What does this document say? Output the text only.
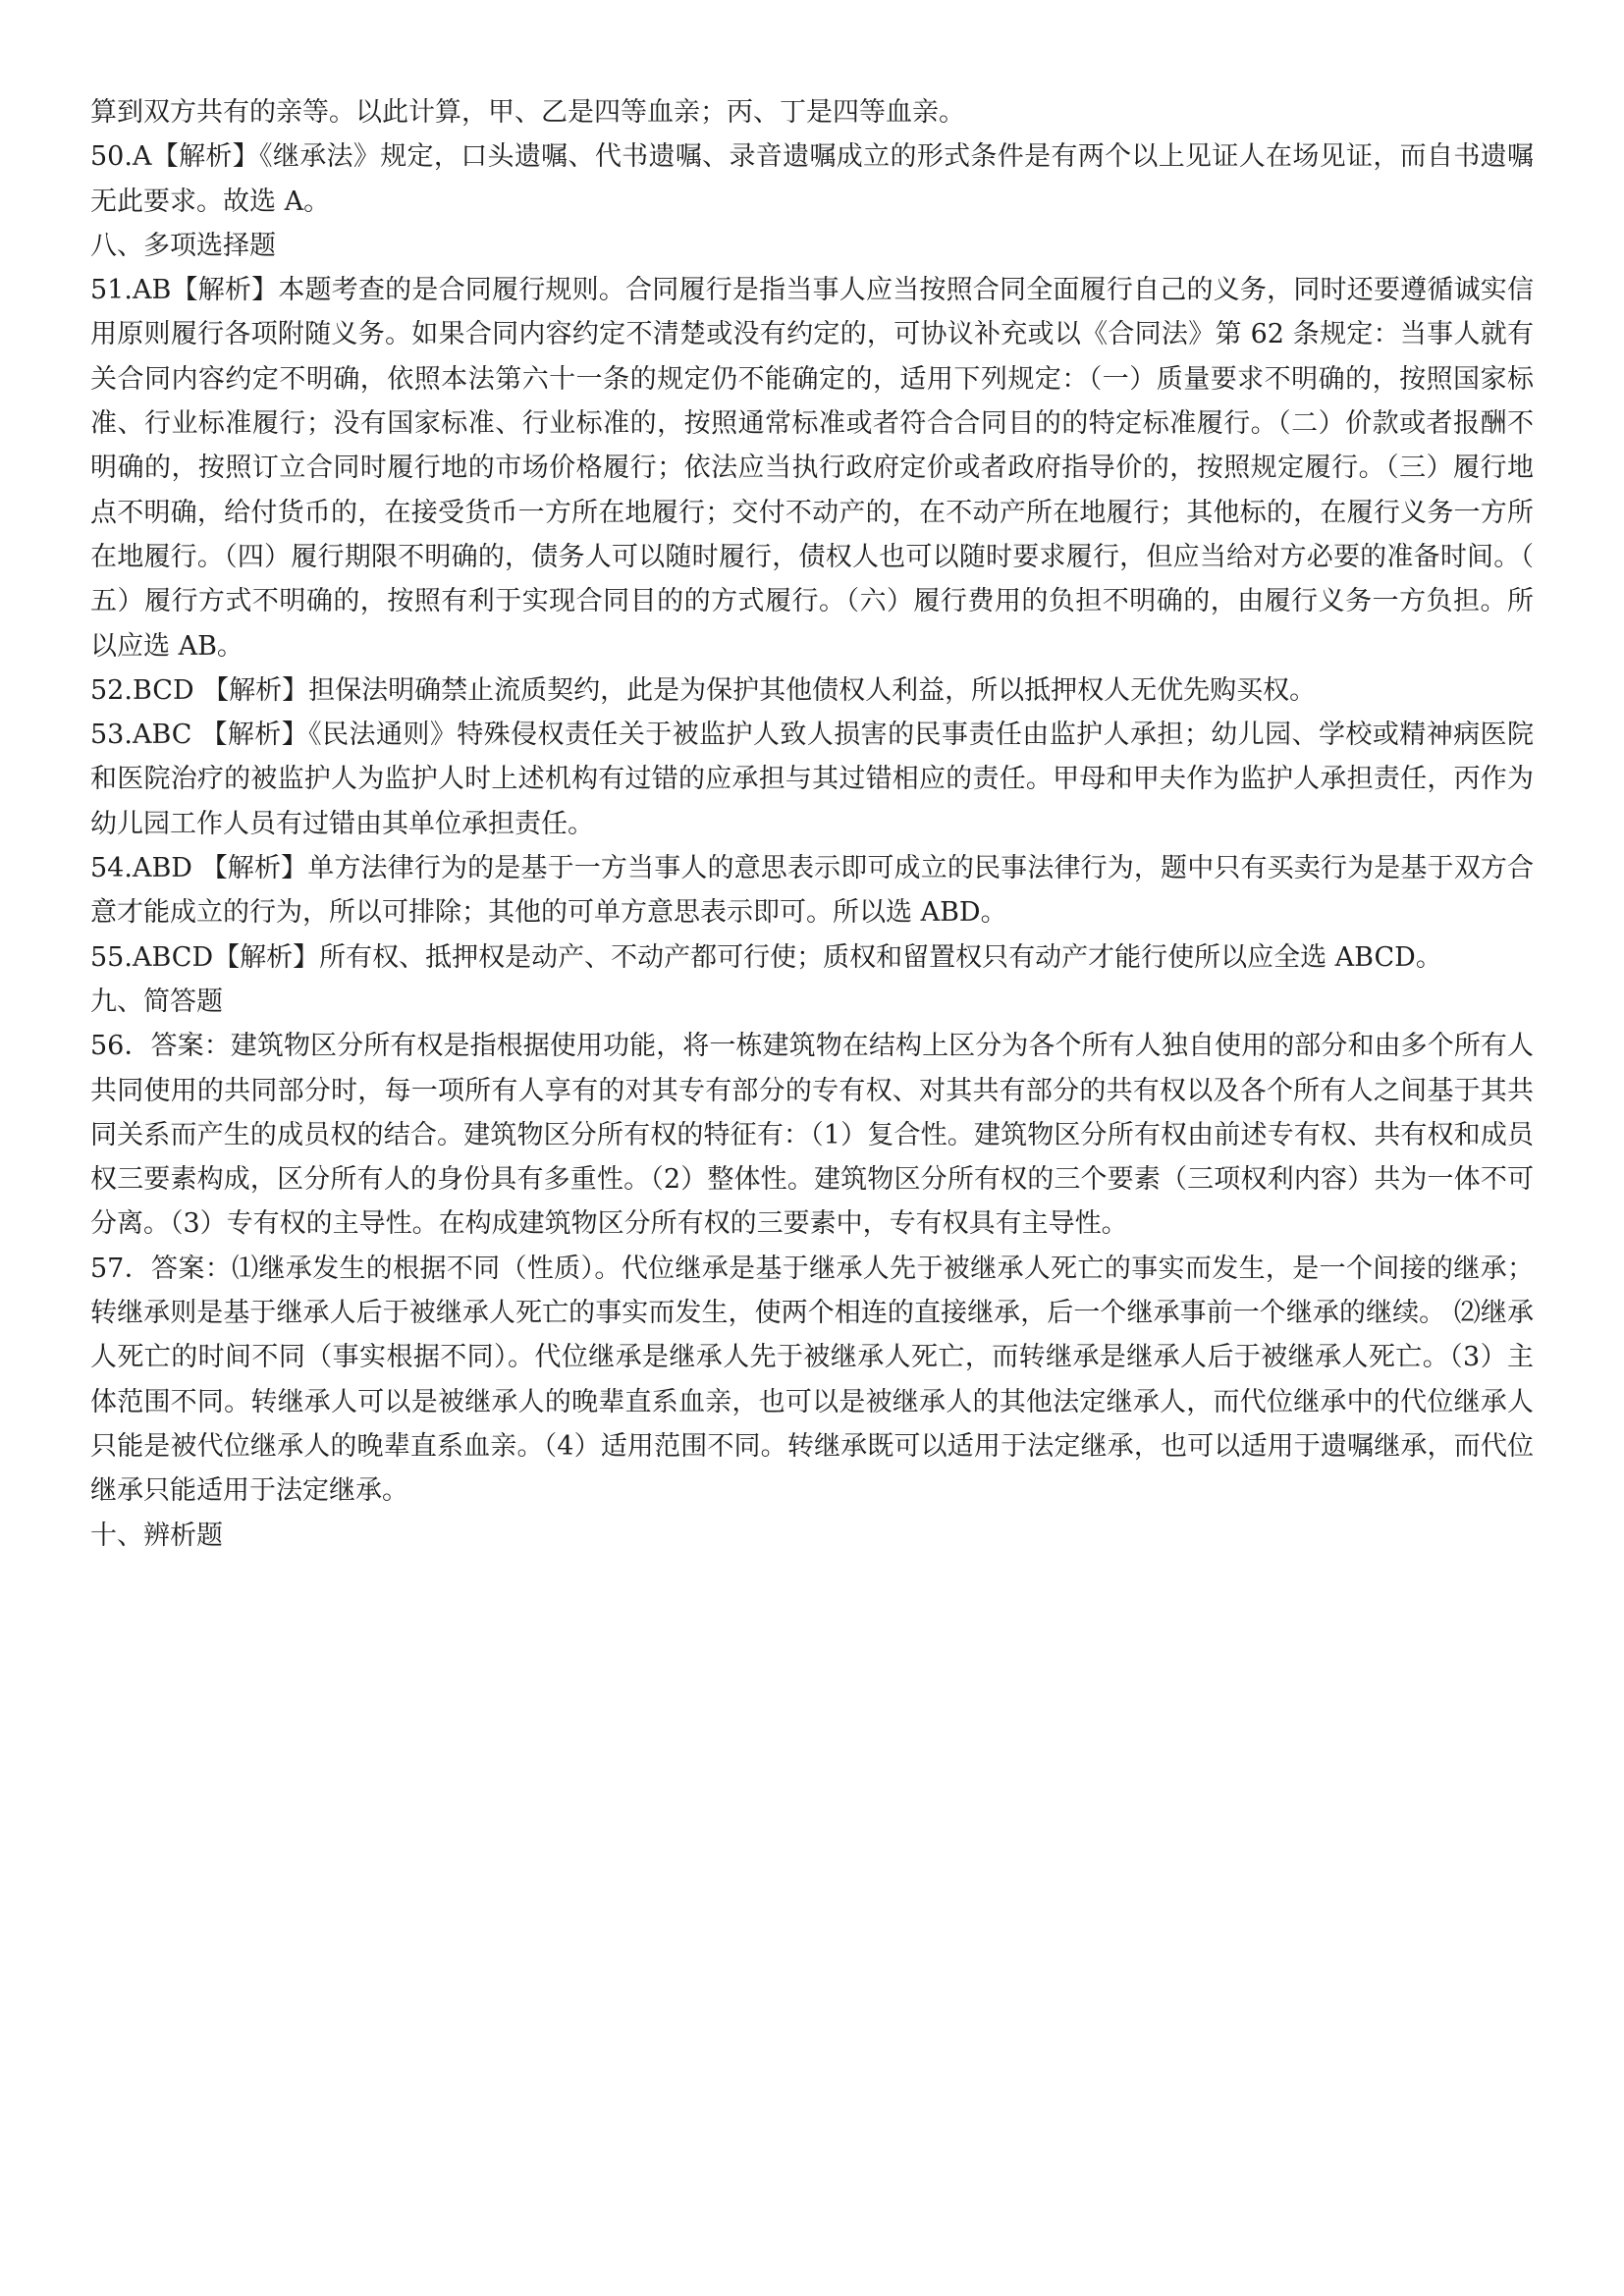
算到双方共有的亲等。以此计算，甲、乙是四等血亲；丙、丁是四等血亲。

50.A【解析】《继承法》规定，口头遗嘱、代书遗嘱、录音遗嘱成立的形式条件是有两个以上见证人在场见证，而自书遗嘱无此要求。故选 A。

八、多项选择题

51.AB【解析】本题考查的是合同履行规则。合同履行是指当事人应当按照合同全面履行自己的义务，同时还要遵循诚实信用原则履行各项附随义务。如果合同内容约定不清楚或没有约定的，可协议补充或以《合同法》第 62 条规定：当事人就有关合同内容约定不明确，依照本法第六十一条的规定仍不能确定的，适用下列规定：（一）质量要求不明确的，按照国家标准、行业标准履行；没有国家标准、行业标准的，按照通常标准或者符合合同目的的特定标准履行。（二）价款或者报酬不明确的，按照订立合同时履行地的市场价格履行；依法应当执行政府定价或者政府指导价的，按照规定履行。（三）履行地点不明确，给付货币的，在接受货币一方所在地履行；交付不动产的，在不动产所在地履行；其他标的，在履行义务一方所在地履行。（四）履行期限不明确的，债务人可以随时履行，债权人也可以随时要求履行，但应当给对方必要的准备时间。（五）履行方式不明确的，按照有利于实现合同目的的方式履行。（六）履行费用的负担不明确的，由履行义务一方负担。所以应选 AB。

52.BCD 【解析】担保法明确禁止流质契约，此是为保护其他债权人利益，所以抵押权人无优先购买权。

53.ABC 【解析】《民法通则》特殊侵权责任关于被监护人致人损害的民事责任由监护人承担；幼儿园、学校或精神病医院和医院治疗的被监护人为监护人时上述机构有过错的应承担与其过错相应的责任。甲母和甲夫作为监护人承担责任，丙作为幼儿园工作人员有过错由其单位承担责任。

54.ABD 【解析】单方法律行为的是基于一方当事人的意思表示即可成立的民事法律行为，题中只有买卖行为是基于双方合意才能成立的行为，所以可排除；其他的可单方意思表示即可。所以选 ABD。

55.ABCD【解析】所有权、抵押权是动产、不动产都可行使；质权和留置权只有动产才能行使所以应全选 ABCD。

九、简答题

56．答案：建筑物区分所有权是指根据使用功能，将一栋建筑物在结构上区分为各个所有人独自使用的部分和由多个所有人共同使用的共同部分时，每一项所有人享有的对其专有部分的专有权、对其共有部分的共有权以及各个所有人之间基于其共同关系而产生的成员权的结合。建筑物区分所有权的特征有：（1）复合性。建筑物区分所有权由前述专有权、共有权和成员权三要素构成，区分所有人的身份具有多重性。（2）整体性。建筑物区分所有权的三个要素（三项权利内容）共为一体不可分离。（3）专有权的主导性。在构成建筑物区分所有权的三要素中，专有权具有主导性。

57．答案：⑴继承发生的根据不同（性质）。代位继承是基于继承人先于被继承人死亡的事实而发生，是一个间接的继承；转继承则是基于继承人后于被继承人死亡的事实而发生，使两个相连的直接继承，后一个继承事前一个继承的继续。 ⑵继承人死亡的时间不同（事实根据不同）。代位继承是继承人先于被继承人死亡，而转继承是继承人后于被继承人死亡。（3）主体范围不同。转继承人可以是被继承人的晚辈直系血亲，也可以是被继承人的其他法定继承人，而代位继承中的代位继承人只能是被代位继承人的晚辈直系血亲。（4）适用范围不同。转继承既可以适用于法定继承，也可以适用于遗嘱继承，而代位继承只能适用于法定继承。

十、辨析题
